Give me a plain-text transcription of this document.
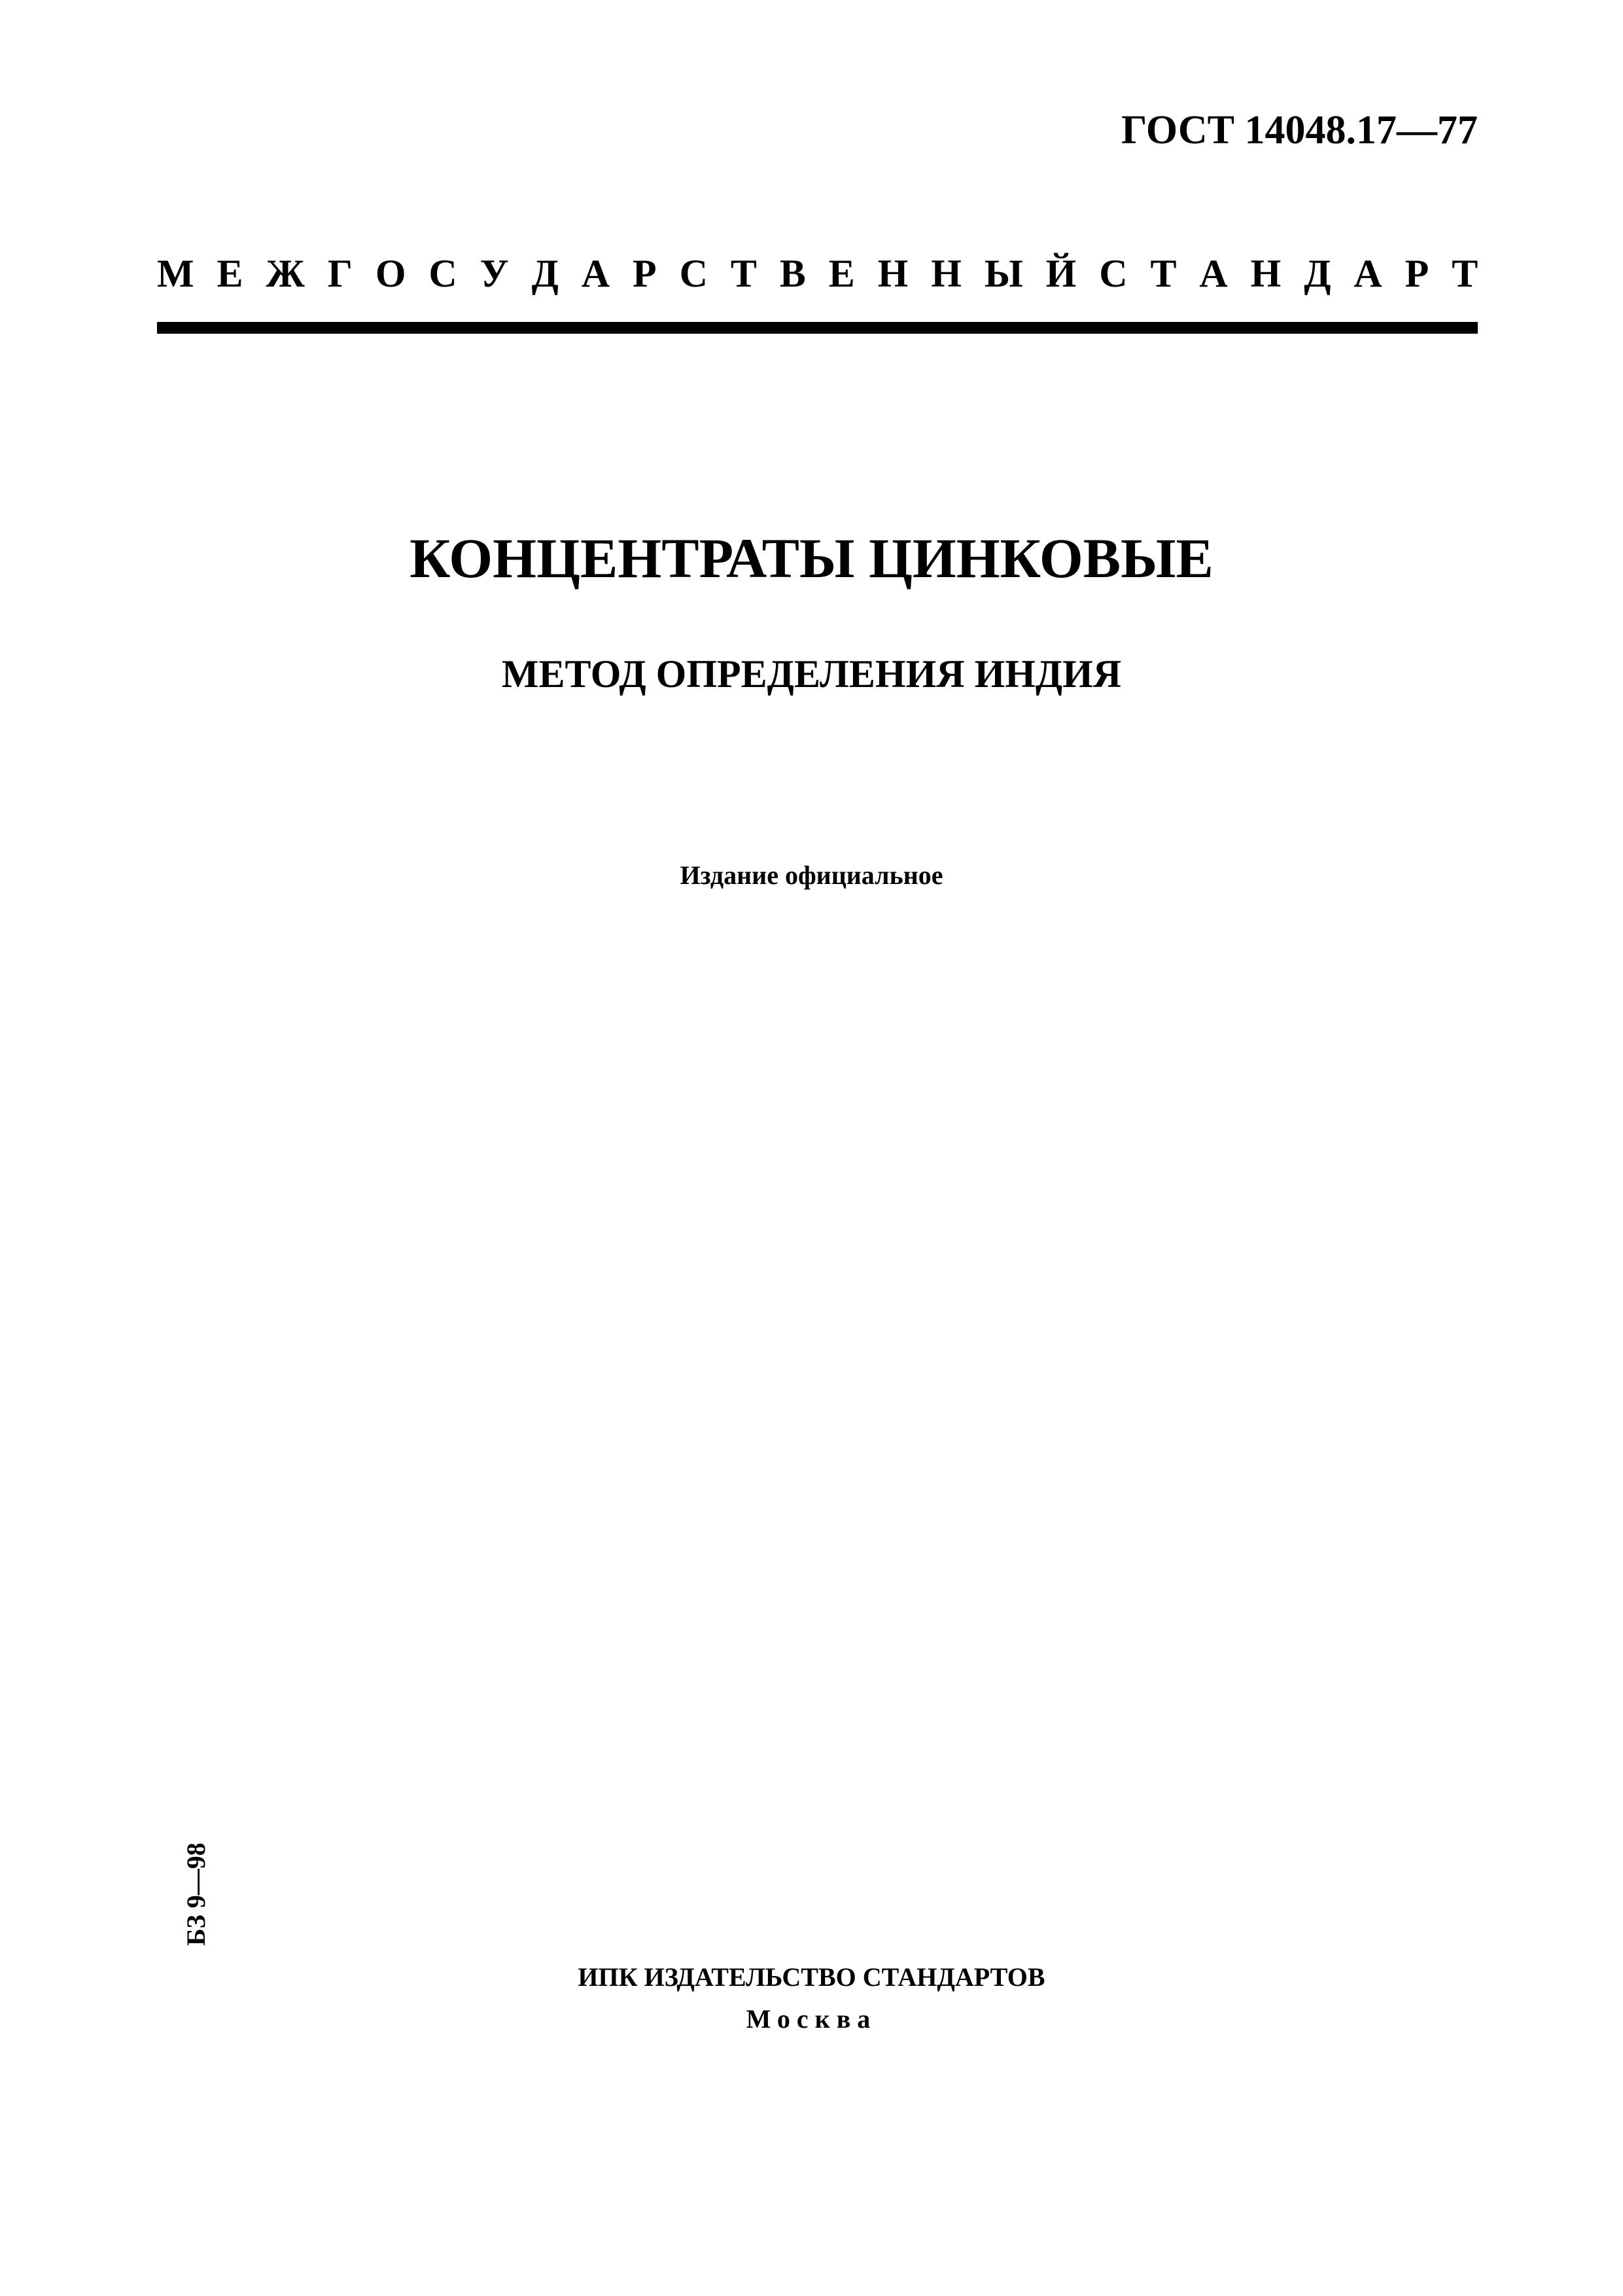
ГОСТ 14048.17—77
М Е Ж Г О С У Д А Р С Т В Е Н Н Ы Й С Т А Н Д А Р Т
КОНЦЕНТРАТЫ ЦИНКОВЫЕ
МЕТОД ОПРЕДЕЛЕНИЯ ИНДИЯ
Издание официальное
БЗ 9—98
ИПК ИЗДАТЕЛЬСТВО СТАНДАРТОВ
Москва
